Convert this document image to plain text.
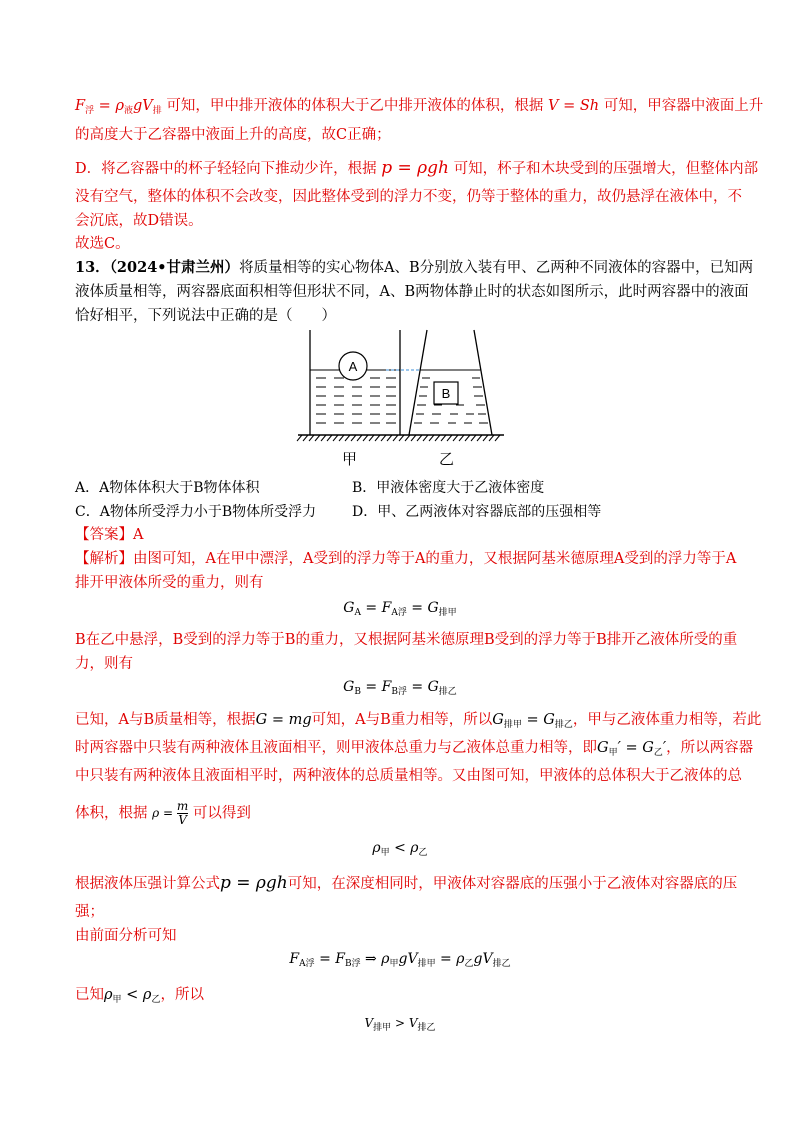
$F_浮 = \rho_液gV_排$ 可知，甲中排开液体的体积大于乙中排开液体的体积，根据 V = Sh 可知，甲容器中液面上升
的高度大于乙容器中液面上升的高度，故C正确；
D．将乙容器中的杯子轻轻向下推动少许，根据 p = ρgh 可知，杯子和木块受到的压强增大，但整体内部
没有空气，整体的体积不会改变，因此整体受到的浮力不变，仍等于整体的重力，故仍悬浮在液体中，不
会沉底，故D错误。
故选C。
13．（2024•甘肃兰州）将质量相等的实心物体A、B分别放入装有甲、乙两种不同液体的容器中，已知两
液体质量相等，两容器底面积相等但形状不同，A、B两物体静止时的状态如图所示，此时两容器中的液面
恰好相平，下列说法中正确的是（　　）
A
B
甲	乙
A．A物体体积大于B物体体积	B．甲液体密度大于乙液体密度
C．A物体所受浮力小于B物体所受浮力	D．甲、乙两液体对容器底部的压强相等
【答案】A
【解析】由图可知，A在甲中漂浮，A受到的浮力等于A的重力，又根据阿基米德原理A受到的浮力等于A
排开甲液体所受的重力，则有
$G_A = F_{A浮} = G_{排甲}$
B在乙中悬浮，B受到的浮力等于B的重力，又根据阿基米德原理B受到的浮力等于B排开乙液体所受的重
力，则有
$G_B = F_{B浮} = G_{排乙}$
已知，A与B质量相等，根据G = mg可知，A与B重力相等，所以$G_{排甲} = G_{排乙}$，甲与乙液体重力相等，若此
时两容器中只装有两种液体且液面相平，则甲液体总重力与乙液体总重力相等，即$G_甲' = G_乙'$，所以两容器
中只装有两种液体且液面相平时，两种液体的总质量相等。又由图可知，甲液体的总体积大于乙液体的总
体积，根据 $\rho = \frac{m}{V}$ 可以得到
$\rho_甲 < \rho_乙$
根据液体压强计算公式p = ρgh可知，在深度相同时，甲液体对容器底的压强小于乙液体对容器底的压
强；
由前面分析可知
$F_{A浮} = F_{B浮}$ ⇒ $\rho_甲gV_{排甲} = \rho_乙gV_{排乙}$
已知$\rho_甲 < \rho_乙$，所以
$V_{排甲} > V_{排乙}$
